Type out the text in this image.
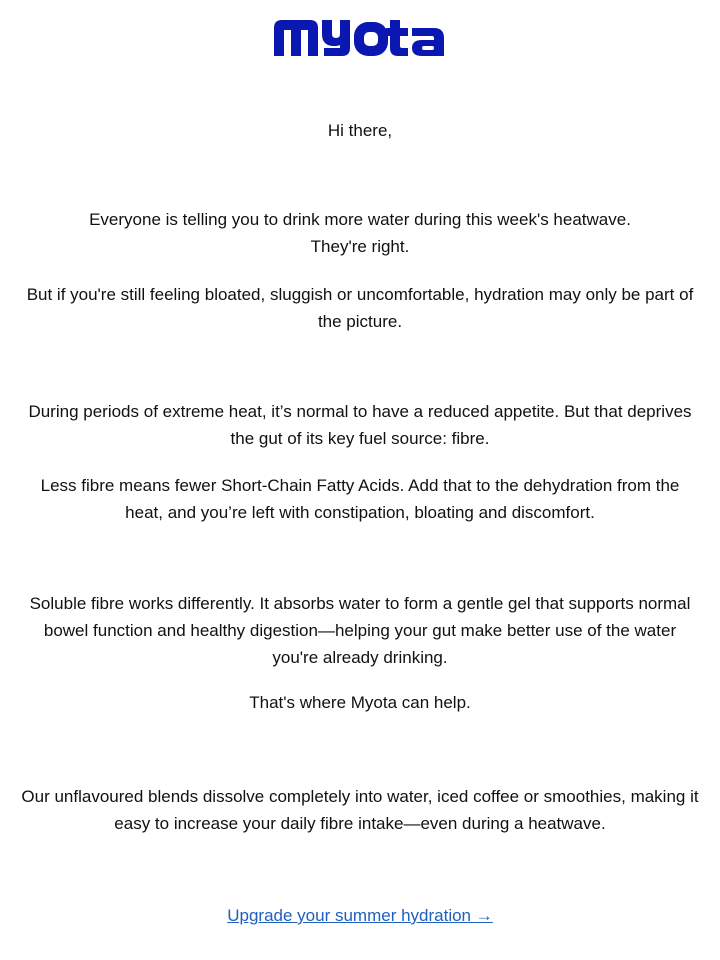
Hi there,

Everyone is telling you to drink more water during this week's heatwave.
They're right.

But if you're still feeling bloated, sluggish or uncomfortable, hydration may only be part of
the picture.

During periods of extreme heat, it’s normal to have a reduced appetite. But that deprives
the gut of its key fuel source: fibre.

Less fibre means fewer Short-Chain Fatty Acids. Add that to the dehydration from the
heat, and you’re left with constipation, bloating and discomfort.

Soluble fibre works differently. It absorbs water to form a gentle gel that supports normal
bowel function and healthy digestion—helping your gut make better use of the water
you're already drinking.

That's where Myota can help.

Our unflavoured blends dissolve completely into water, iced coffee or smoothies, making it
easy to increase your daily fibre intake—even during a heatwave.

Upgrade your summer hydration →
